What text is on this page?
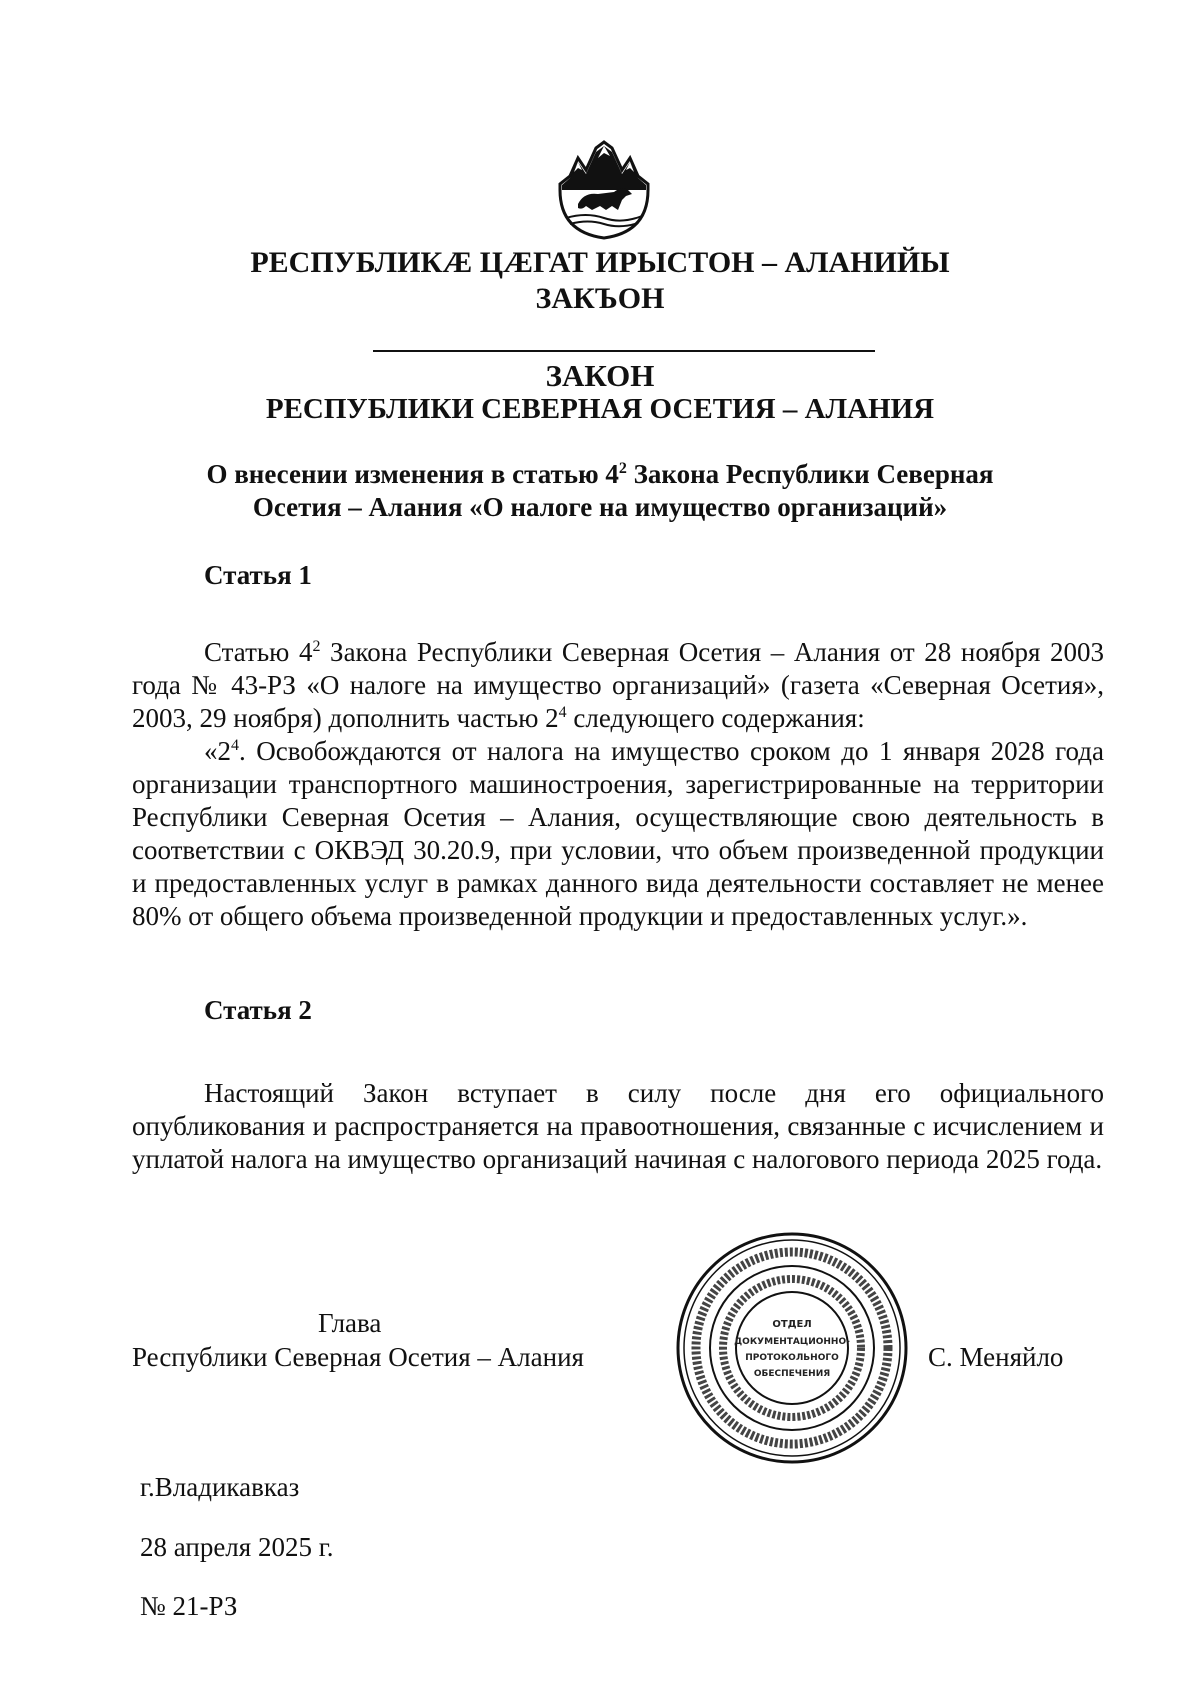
РЕСПУБЛИКÆ ЦÆГАТ ИРЫСТОН – АЛАНИЙЫ
ЗАКЪОН
ЗАКОН
РЕСПУБЛИКИ СЕВЕРНАЯ ОСЕТИЯ – АЛАНИЯ
О внесении изменения в статью $4^2$ Закона Республики Северная
Осетия – Алания «О налоге на имущество организаций»
Статья 1

Статью $4^2$ Закона Республики Северная Осетия – Алания от 28 ноября 2003 года № 43-РЗ «О налоге на имущество организаций» (газета «Северная Осетия», 2003, 29 ноября) дополнить частью $2^4$ следующего содержания:

«$2^4$. Освобождаются от налога на имущество сроком до 1 января 2028 года организации транспортного машиностроения, зарегистрированные на территории Республики Северная Осетия – Алания, осуществляющие свою деятельность в соответствии с ОКВЭД 30.20.9, при условии, что объем произведенной продукции и предоставленных услуг в рамках данного вида деятельности составляет не менее 80% от общего объема произведенной продукции и предоставленных услуг.».

Статья 2

Настоящий Закон вступает в силу после дня его официального опубликования и распространяется на правоотношения, связанные с исчислением и уплатой налога на имущество организаций начиная с налогового периода 2025 года.

Глава
Республики Северная Осетия – Алания
ОТДЕЛ
ДОКУМЕНТАЦИОННО-
ПРОТОКОЛЬНОГО
ОБЕСПЕЧЕНИЯ
С. Меняйло
г.Владикавказ
28 апреля 2025 г.
№ 21-РЗ
